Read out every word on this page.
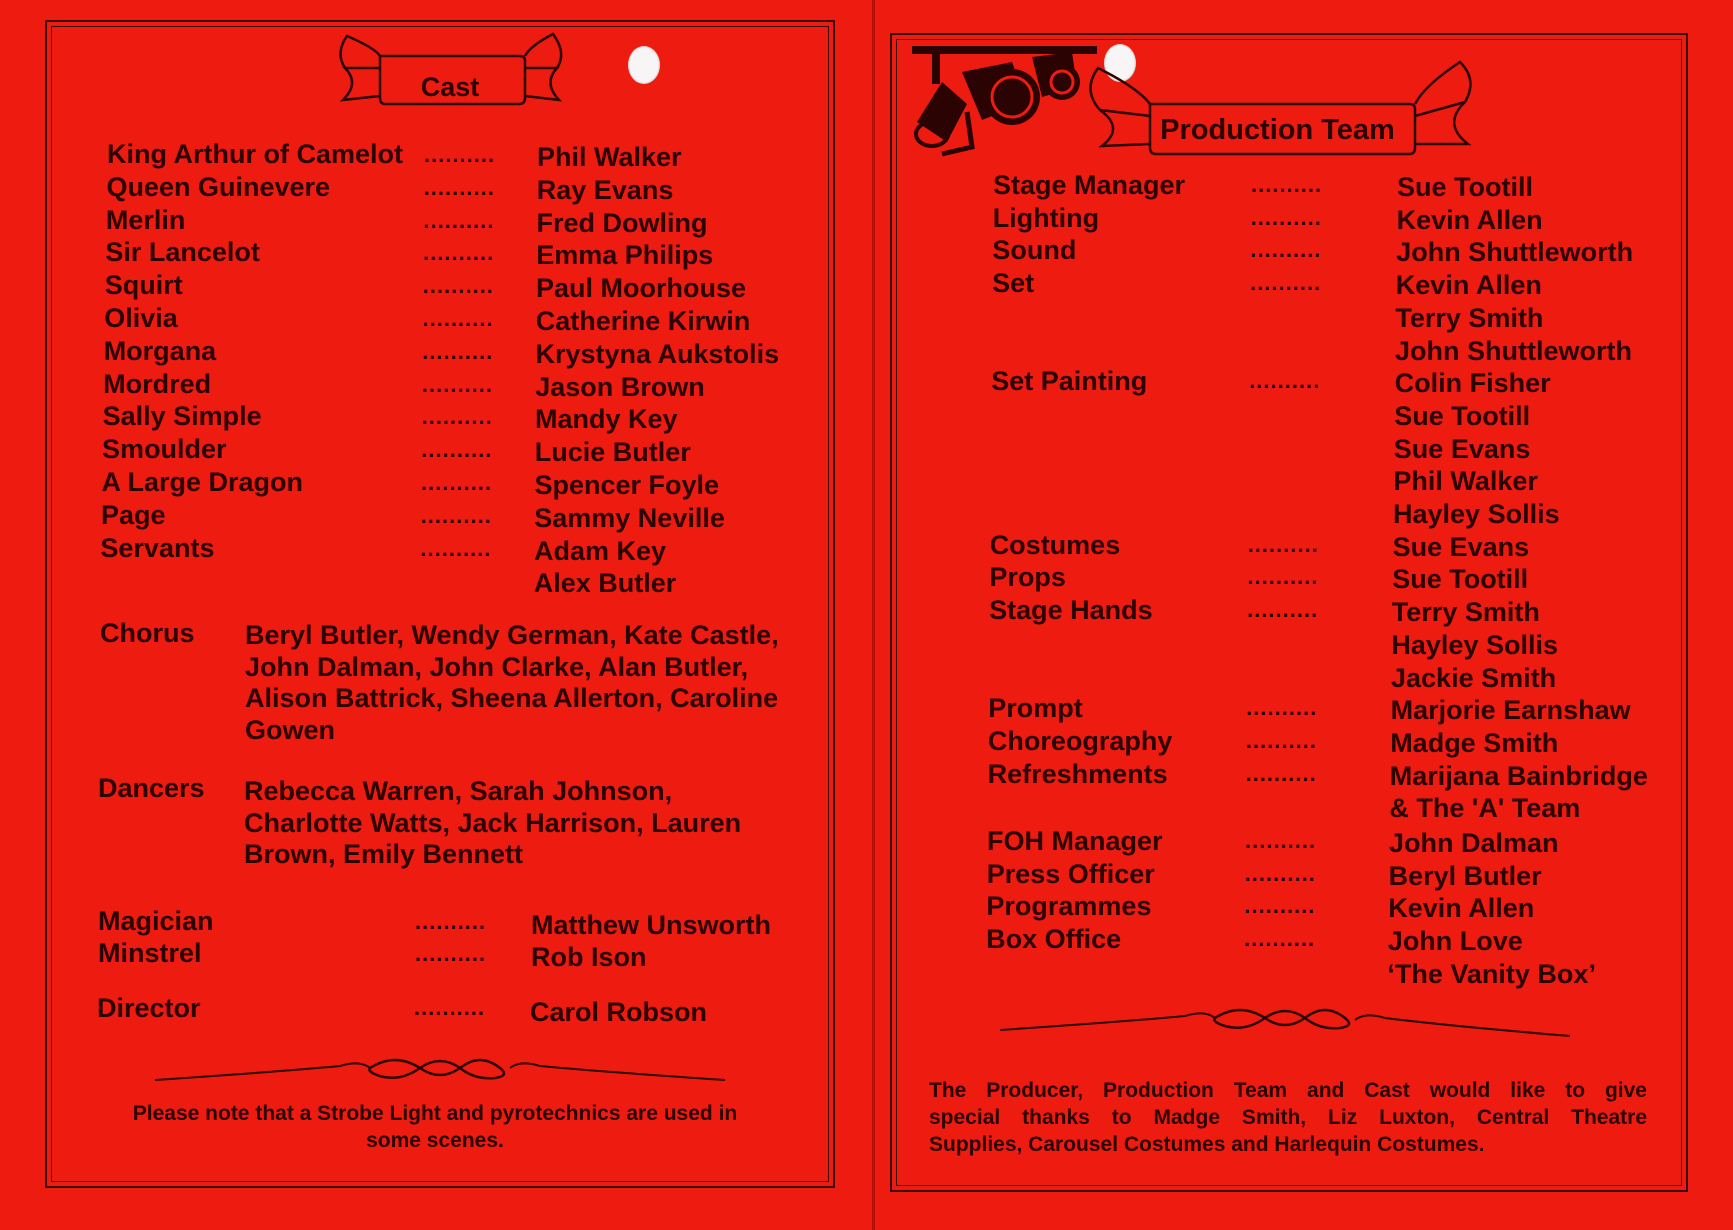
Cast
King Arthur of Camelot .......... Phil Walker
Queen Guinevere	.......... Ray Evans
Merlin	.......... Fred Dowling
Sir Lancelot	.......... Emma Philips
Squirt	.......... Paul Moorhouse
Olivia	.......... Catherine Kirwin
Morgana	.......... Krystyna Aukstolis
Mordred	.......... Jason Brown
Sally Simple	.......... Mandy Key
Smoulder	.......... Lucie Butler
A Large Dragon	.......... Spencer Foyle
Page	.......... Sammy Neville
Servants	.......... Adam Key
Alex Butler
Chorus Beryl Butler, Wendy German, Kate Castle,
John Dalman, John Clarke, Alan Butler,
Alison Battrick, Sheena Allerton, Caroline
Gowen
Dancers Rebecca Warren, Sarah Johnson,
Charlotte Watts, Jack Harrison, Lauren
Brown, Emily Bennett
Magician	.......... Matthew Unsworth
Minstrel	.......... Rob Ison
Director	.......... Carol Robson
Please note that a Strobe Light and pyrotechnics are used in
some scenes.
Production Team
Stage Manager	..........	Sue Tootill
Lighting	..........	Kevin Allen
Sound	..........	John Shuttleworth
Set	..........	Kevin Allen
Terry Smith
John Shuttleworth
Set Painting	..........	Colin Fisher
Sue Tootill
Sue Evans
Phil Walker
Hayley Sollis
Costumes	..........	Sue Evans
Props	..........	Sue Tootill
Stage Hands	..........	Terry Smith
Hayley Sollis
Jackie Smith
Prompt	..........	Marjorie Earnshaw
Choreography	..........	Madge Smith
Refreshments	..........	Marijana Bainbridge
& The 'A' Team
FOH Manager	..........	John Dalman
Press Officer	..........	Beryl Butler
Programmes	..........	Kevin Allen
Box Office	..........	John Love
‘The Vanity Box’
The Producer, Production Team and Cast would like to give
special thanks to Madge Smith, Liz Luxton, Central Theatre
Supplies, Carousel Costumes and Harlequin Costumes.
